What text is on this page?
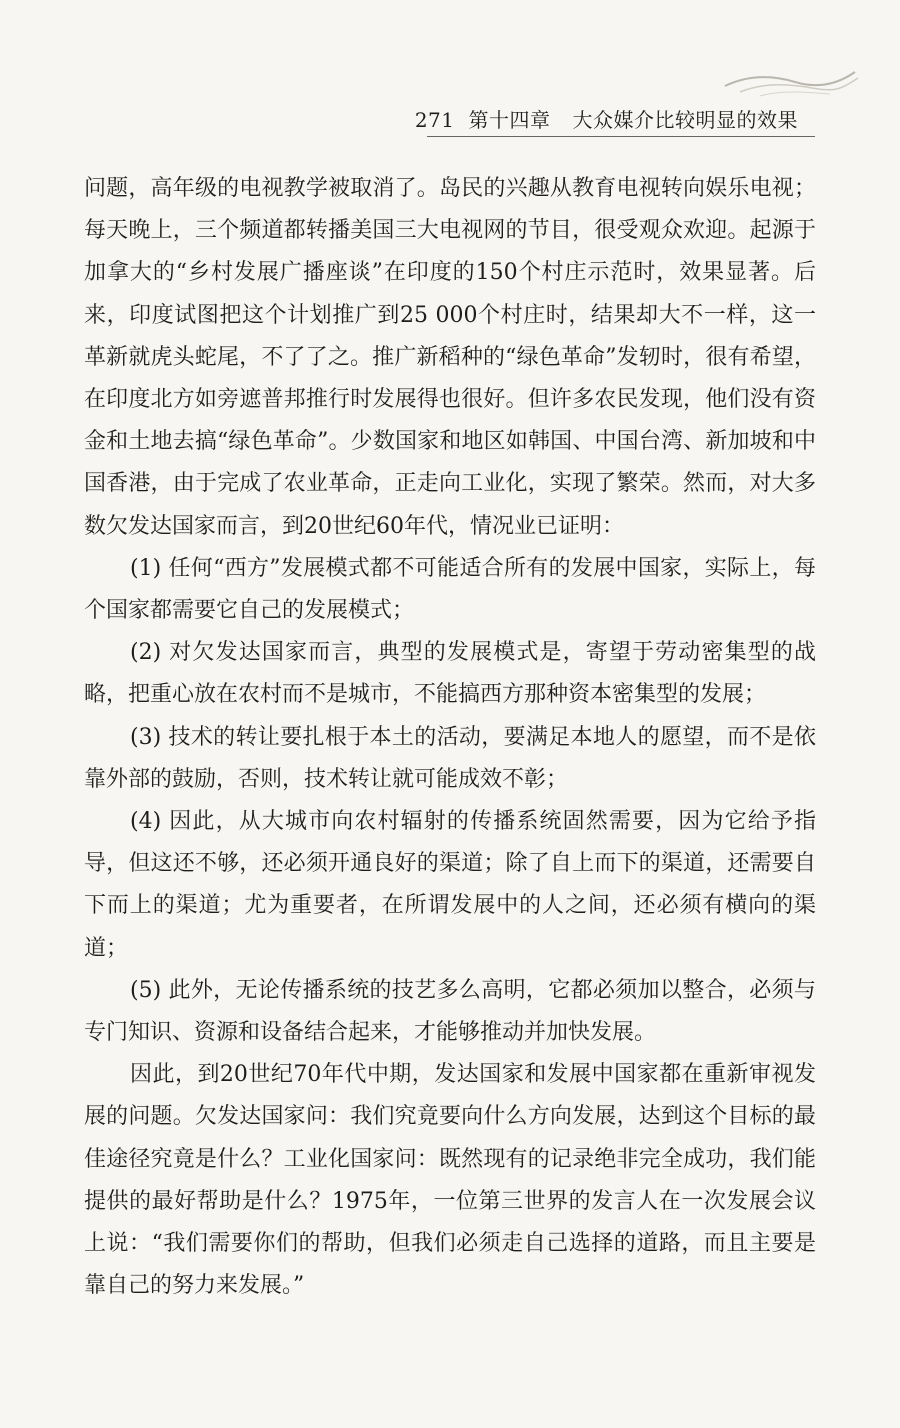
271 第十四章 大众媒介比较明显的效果

问题，高年级的电视教学被取消了。岛民的兴趣从教育电视转向娱乐电视；每天晚上，三个频道都转播美国三大电视网的节目，很受观众欢迎。起源于加拿大的“乡村发展广播座谈”在印度的150个村庄示范时，效果显著。后来，印度试图把这个计划推广到25 000个村庄时，结果却大不一样，这一革新就虎头蛇尾，不了了之。推广新稻种的“绿色革命”发轫时，很有希望，在印度北方如旁遮普邦推行时发展得也很好。但许多农民发现，他们没有资金和土地去搞“绿色革命”。少数国家和地区如韩国、中国台湾、新加坡和中国香港，由于完成了农业革命，正走向工业化，实现了繁荣。然而，对大多数欠发达国家而言，到20世纪60年代，情况业已证明：

(1) 任何“西方”发展模式都不可能适合所有的发展中国家，实际上，每个国家都需要它自己的发展模式；

(2) 对欠发达国家而言，典型的发展模式是，寄望于劳动密集型的战略，把重心放在农村而不是城市，不能搞西方那种资本密集型的发展；

(3) 技术的转让要扎根于本土的活动，要满足本地人的愿望，而不是依靠外部的鼓励，否则，技术转让就可能成效不彰；

(4) 因此，从大城市向农村辐射的传播系统固然需要，因为它给予指导，但这还不够，还必须开通良好的渠道；除了自上而下的渠道，还需要自下而上的渠道；尤为重要者，在所谓发展中的人之间，还必须有横向的渠道；

(5) 此外，无论传播系统的技艺多么高明，它都必须加以整合，必须与专门知识、资源和设备结合起来，才能够推动并加快发展。

因此，到20世纪70年代中期，发达国家和发展中国家都在重新审视发展的问题。欠发达国家问：我们究竟要向什么方向发展，达到这个目标的最佳途径究竟是什么？工业化国家问：既然现有的记录绝非完全成功，我们能提供的最好帮助是什么？1975年，一位第三世界的发言人在一次发展会议上说：“我们需要你们的帮助，但我们必须走自己选择的道路，而且主要是靠自己的努力来发展。”
